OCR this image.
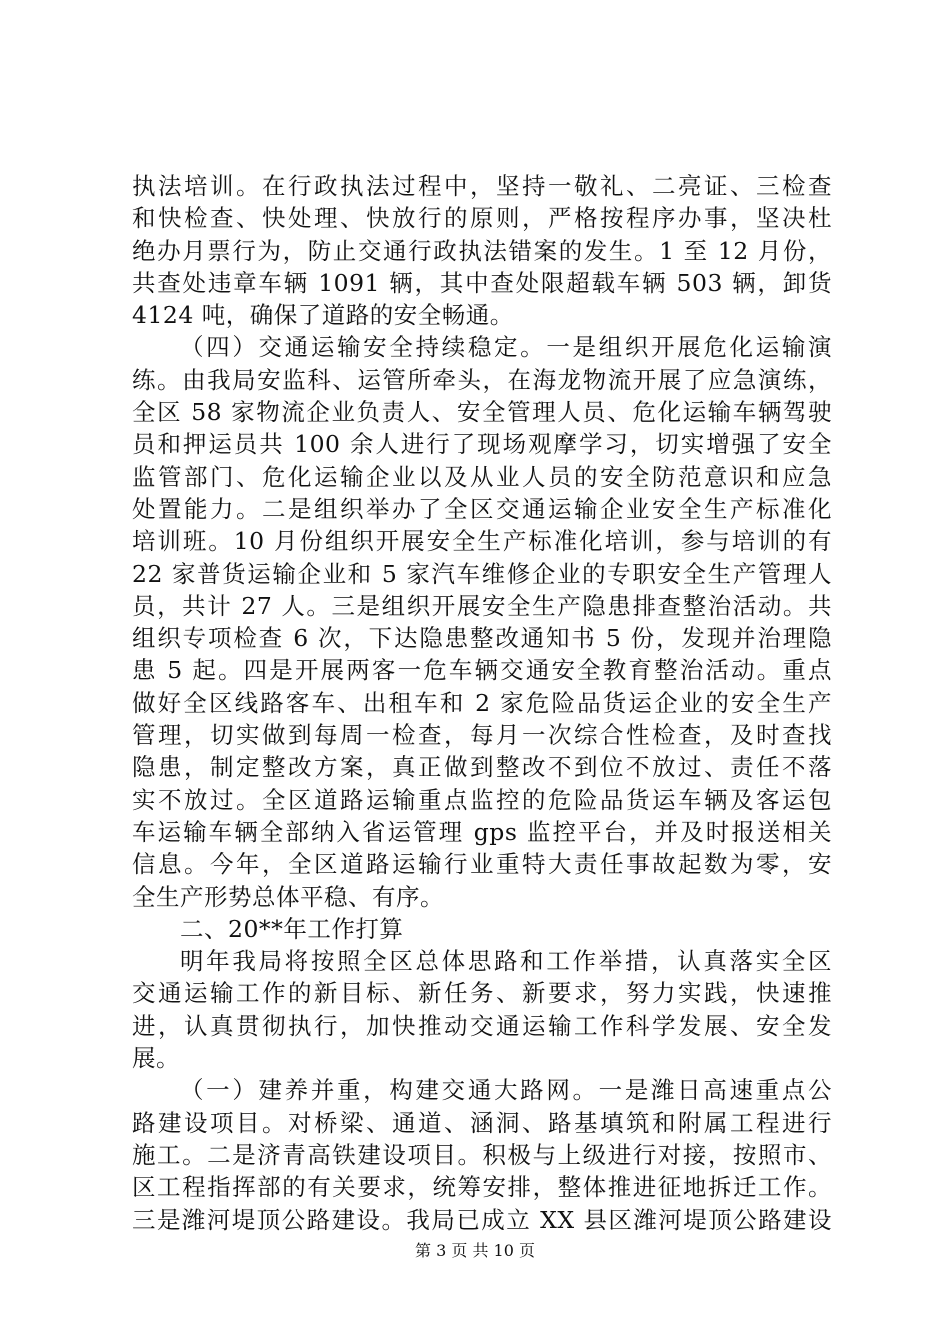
执法培训。在行政执法过程中，坚持一敬礼、二亮证、三检查
和快检查、快处理、快放行的原则，严格按程序办事，坚决杜
绝办月票行为，防止交通行政执法错案的发生。1 至 12 月份，
共查处违章车辆 1091 辆，其中查处限超载车辆 503 辆，卸货
4124 吨，确保了道路的安全畅通。
（四）交通运输安全持续稳定。一是组织开展危化运输演
练。由我局安监科、运管所牵头，在海龙物流开展了应急演练，
全区 58 家物流企业负责人、安全管理人员、危化运输车辆驾驶
员和押运员共 100 余人进行了现场观摩学习，切实增强了安全
监管部门、危化运输企业以及从业人员的安全防范意识和应急
处置能力。二是组织举办了全区交通运输企业安全生产标准化
培训班。10 月份组织开展安全生产标准化培训，参与培训的有
22 家普货运输企业和 5 家汽车维修企业的专职安全生产管理人
员，共计 27 人。三是组织开展安全生产隐患排查整治活动。共
组织专项检查 6 次，下达隐患整改通知书 5 份，发现并治理隐
患 5 起。四是开展两客一危车辆交通安全教育整治活动。重点
做好全区线路客车、出租车和 2 家危险品货运企业的安全生产
管理，切实做到每周一检查，每月一次综合性检查，及时查找
隐患，制定整改方案，真正做到整改不到位不放过、责任不落
实不放过。全区道路运输重点监控的危险品货运车辆及客运包
车运输车辆全部纳入省运管理 gps 监控平台，并及时报送相关
信息。今年，全区道路运输行业重特大责任事故起数为零，安
全生产形势总体平稳、有序。
二、20**年工作打算
明年我局将按照全区总体思路和工作举措，认真落实全区
交通运输工作的新目标、新任务、新要求，努力实践，快速推
进，认真贯彻执行，加快推动交通运输工作科学发展、安全发
展。
（一）建养并重，构建交通大路网。一是潍日高速重点公
路建设项目。对桥梁、通道、涵洞、路基填筑和附属工程进行
施工。二是济青高铁建设项目。积极与上级进行对接，按照市、
区工程指挥部的有关要求，统筹安排，整体推进征地拆迁工作。
三是潍河堤顶公路建设。我局已成立 XX 县区潍河堤顶公路建设
第 3 页 共 10 页
